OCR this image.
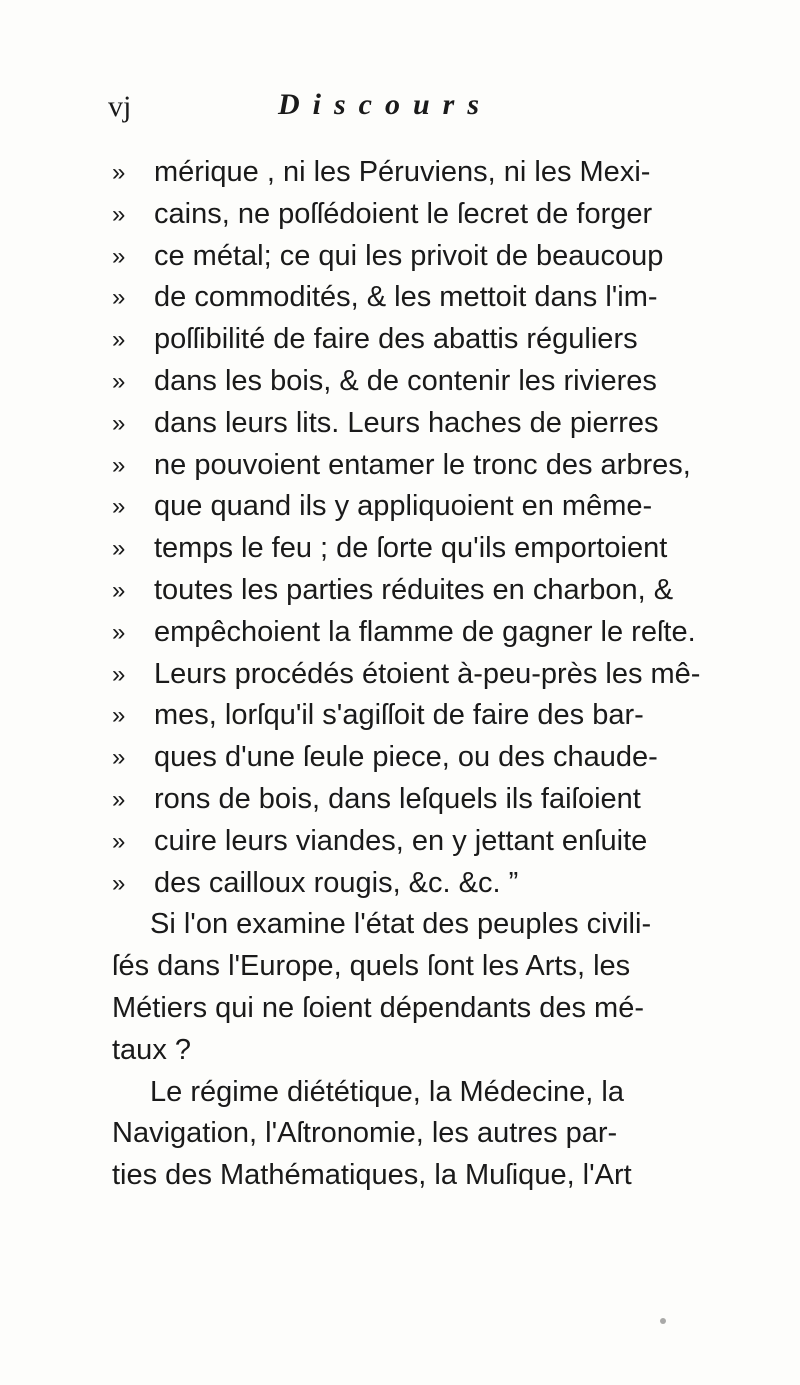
vj	Discours
» mérique , ni les Péruviens, ni les Mexi-
» cains, ne poſſédoient le ſecret de forger
» ce métal; ce qui les privoit de beaucoup
» de commodités, & les mettoit dans l'im-
» poſſibilité de faire des abattis réguliers
» dans les bois, & de contenir les rivieres
» dans leurs lits. Leurs haches de pierres
» ne pouvoient entamer le tronc des arbres,
» que quand ils y appliquoient en même-
» temps le feu ; de ſorte qu'ils emportoient
» toutes les parties réduites en charbon, &
» empêchoient la flamme de gagner le reſte.
» Leurs procédés étoient à-peu-près les mê-
» mes, lorſqu'il s'agiſſoit de faire des bar-
» ques d'une ſeule piece, ou des chaude-
» rons de bois, dans leſquels ils faiſoient
» cuire leurs viandes, en y jettant enſuite
» des cailloux rougis, &c. &c. ”
Si l'on examine l'état des peuples civili-
ſés dans l'Europe, quels ſont les Arts, les
Métiers qui ne ſoient dépendants des mé-
taux ?
Le régime diététique, la Médecine, la
Navigation, l'Aſtronomie, les autres par-
ties des Mathématiques, la Muſique, l'Art
